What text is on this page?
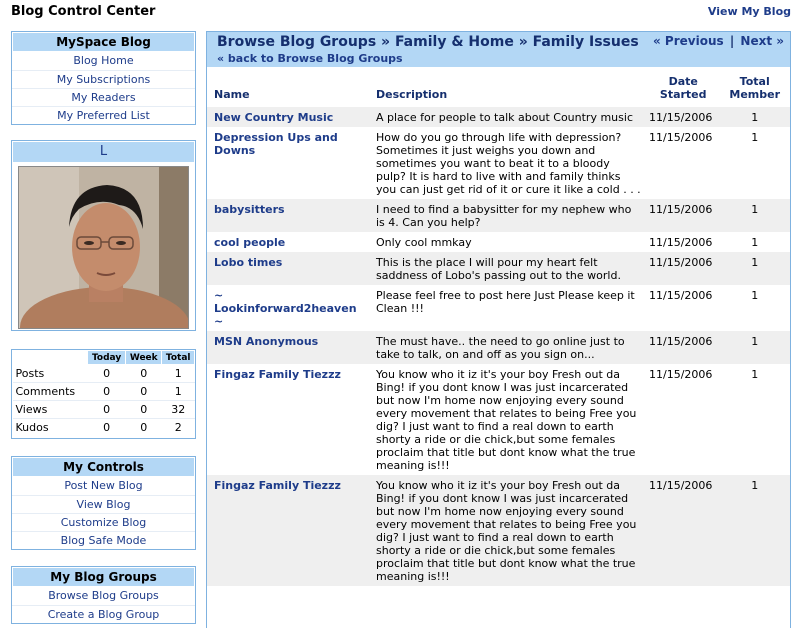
Blog Control Center	View My Blog
MySpace Blog
Blog Home
My Subscriptions
My Readers
My Preferred List
L
	Today	Week	Total
Posts	0	0	1
Comments	0	0	1
Views	0	0	32
Kudos	0	0	2
My Controls
Post New Blog
View Blog
Customize Blog
Blog Safe Mode
My Blog Groups
Browse Blog Groups
Create a Blog Group
Browse Blog Groups » Family & Home » Family Issues
« back to Browse Blog Groups
« Previous | Next »
Name	Description	Date Started	Total Member
New Country Music	A place for people to talk about Country music	11/15/2006	1
Depression Ups and Downs	How do you go through life with depression? Sometimes it just weighs you down and sometimes you want to beat it to a bloody pulp? It is hard to live with and family thinks you can just get rid of it or cure it like a cold . . .	11/15/2006	1
babysitters	I need to find a babysitter for my nephew who is 4. Can you help?	11/15/2006	1
cool people	Only cool mmkay	11/15/2006	1
Lobo times	This is the place I will pour my heart felt saddness of Lobo's passing out to the world.	11/15/2006	1
~ Lookinforward2heaven ~	Please feel free to post here Just Please keep it Clean !!!	11/15/2006	1
MSN Anonymous	The must have.. the need to go online just to take to talk, on and off as you sign on...	11/15/2006	1
Fingaz Family Tiezzz	You know who it iz it's your boy Fresh out da Bing! if you dont know I was just incarcerated but now I'm home now enjoying every sound every movement that relates to being Free you dig? I just want to find a real down to earth shorty a ride or die chick,but some females proclaim that title but dont know what the true meaning is!!!	11/15/2006	1
Fingaz Family Tiezzz	You know who it iz it's your boy Fresh out da Bing! if you dont know I was just incarcerated but now I'm home now enjoying every sound every movement that relates to being Free you dig? I just want to find a real down to earth shorty a ride or die chick,but some females proclaim that title but dont know what the true meaning is!!!	11/15/2006	1
